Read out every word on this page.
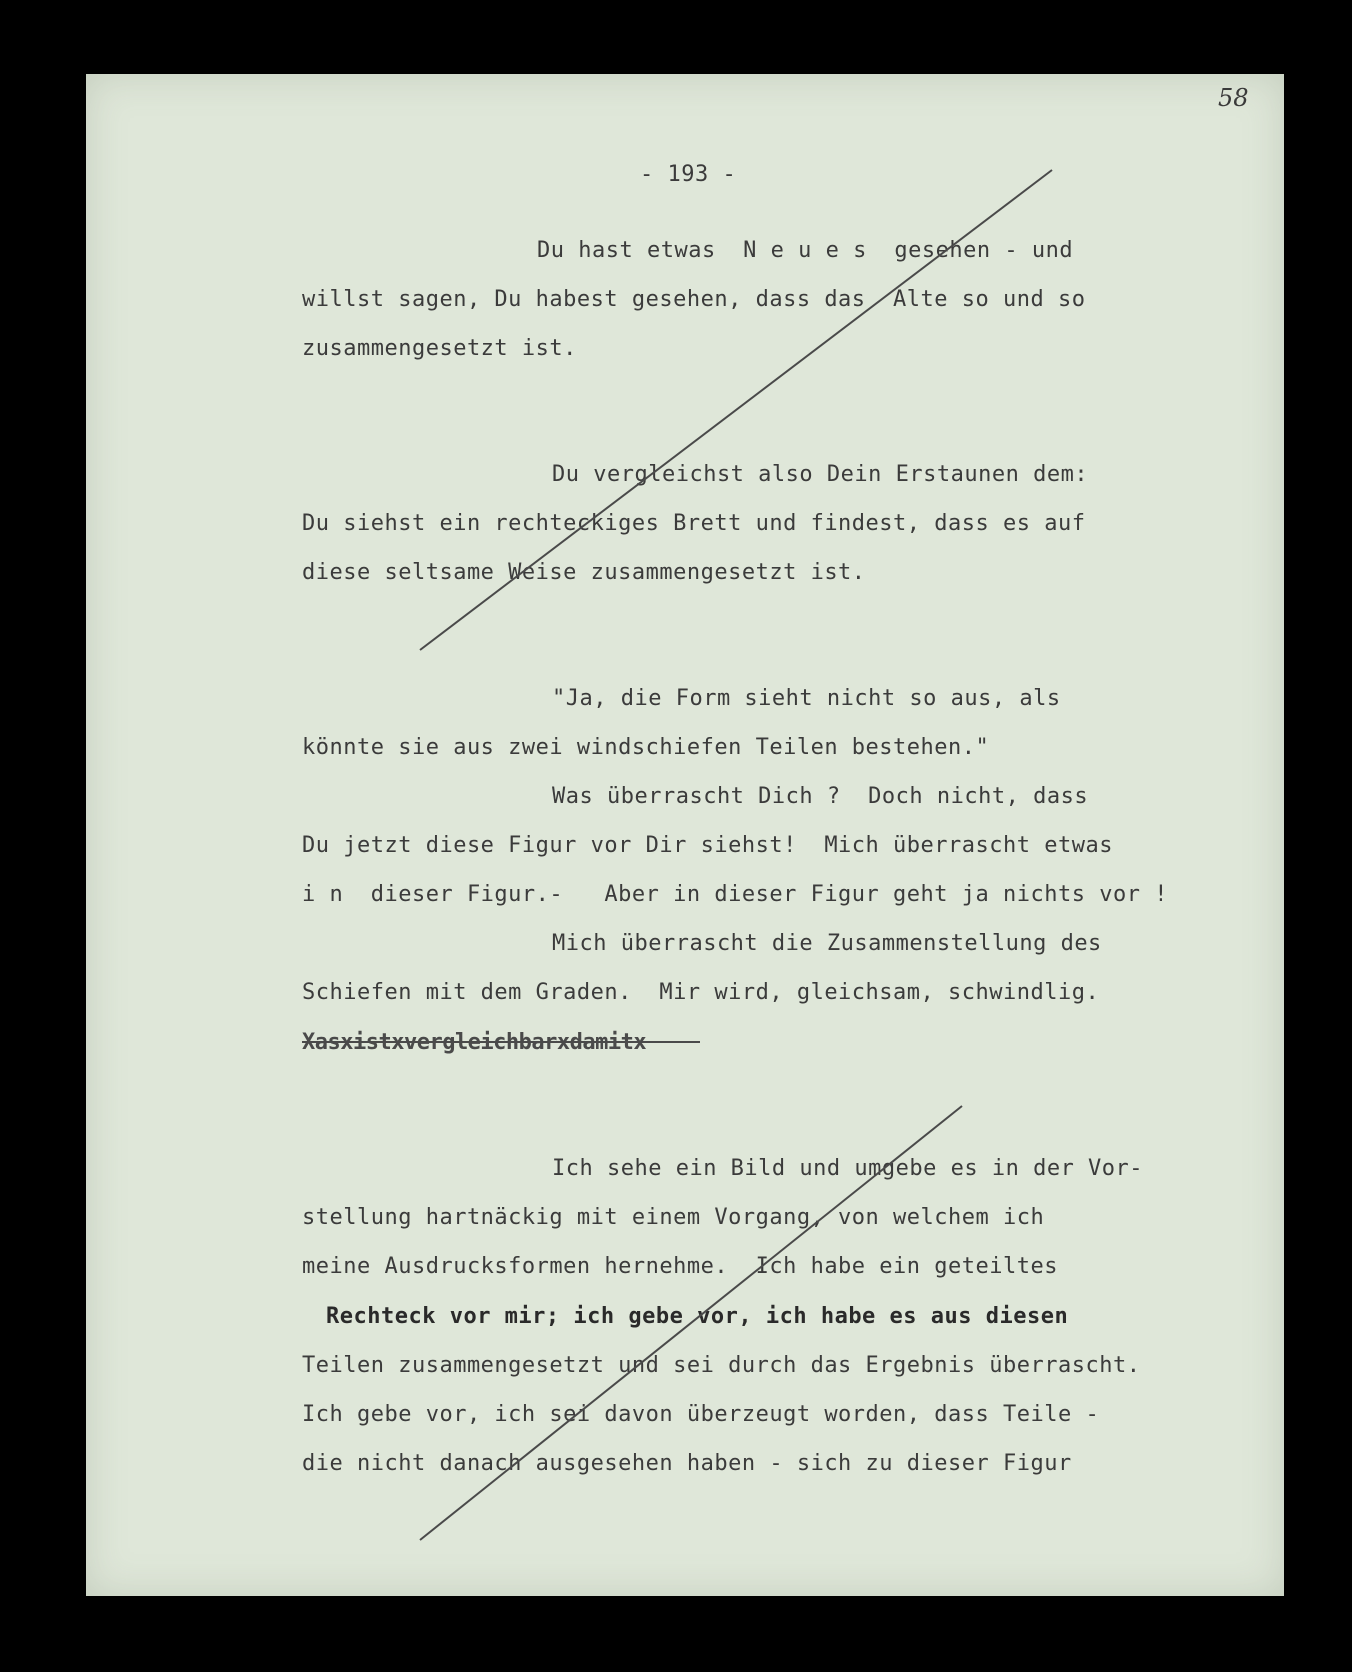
58
- 193 -
Du hast etwas  N e u e s  gesehen - und
willst sagen, Du habest gesehen, dass das  Alte so und so
zusammengesetzt ist.
Du vergleichst also Dein Erstaunen dem:
Du siehst ein rechteckiges Brett und findest, dass es auf
diese seltsame Weise zusammengesetzt ist.
"Ja, die Form sieht nicht so aus, als
könnte sie aus zwei windschiefen Teilen bestehen."
Was überrascht Dich ?  Doch nicht, dass
Du jetzt diese Figur vor Dir siehst!  Mich überrascht etwas
i n  dieser Figur.-   Aber in dieser Figur geht ja nichts vor !
Mich überrascht die Zusammenstellung des
Schiefen mit dem Graden.  Mir wird, gleichsam, schwindlig.
Xasxistxvergleichbarxdamitx
Ich sehe ein Bild und umgebe es in der Vor-
stellung hartnäckig mit einem Vorgang, von welchem ich
meine Ausdrucksformen hernehme.  Ich habe ein geteiltes
Rechteck vor mir; ich gebe vor, ich habe es aus diesen
Teilen zusammengesetzt und sei durch das Ergebnis überrascht.
Ich gebe vor, ich sei davon überzeugt worden, dass Teile -
die nicht danach ausgesehen haben - sich zu dieser Figur
